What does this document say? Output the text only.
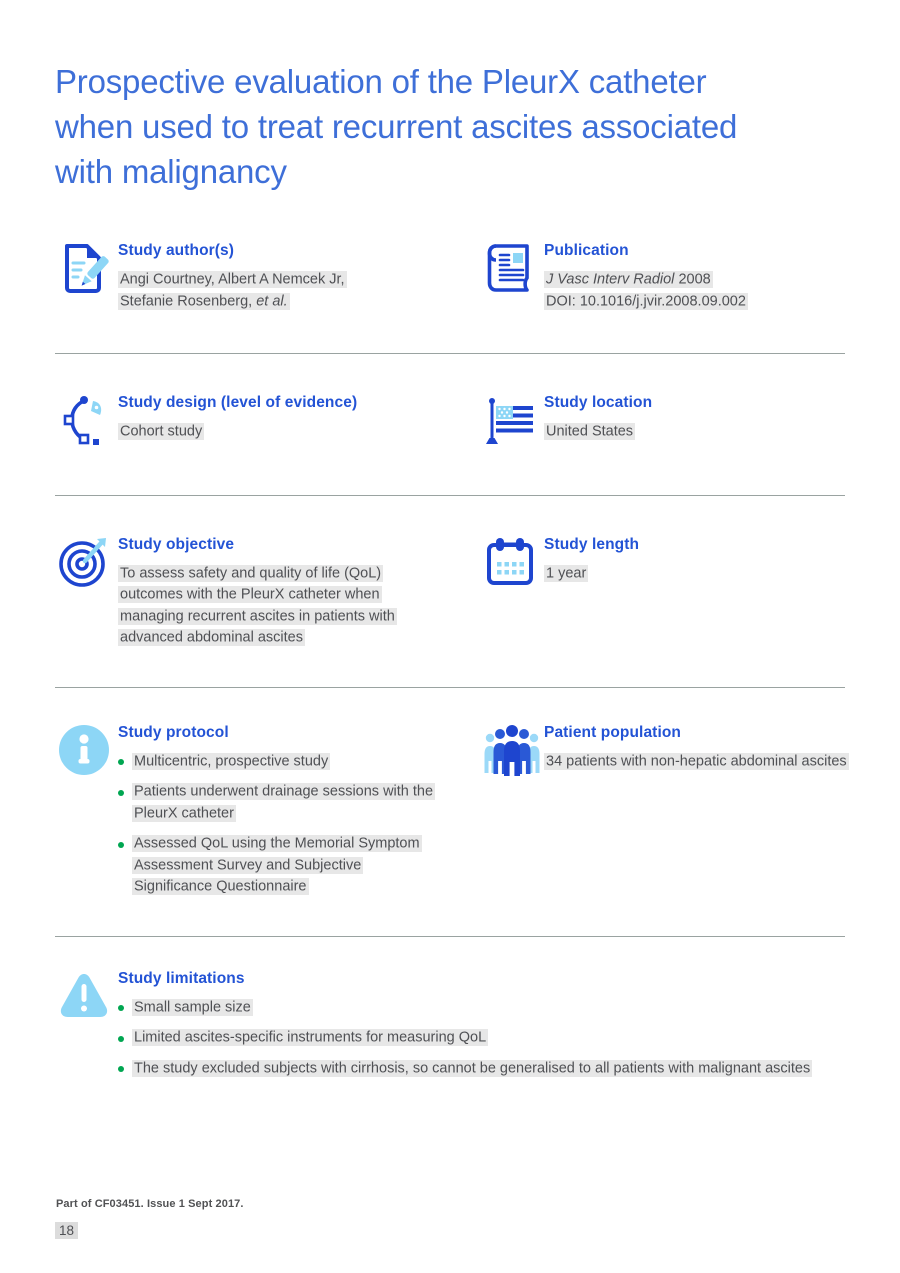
Prospective evaluation of the PleurX catheter when used to treat recurrent ascites associated with malignancy
Study author(s)
Angi Courtney, Albert A Nemcek Jr,
Stefanie Rosenberg, et al.
Publication
J Vasc Interv Radiol 2008
DOI: 10.1016/j.jvir.2008.09.002
Study design (level of evidence)
Cohort study
Study location
United States
Study objective
To assess safety and quality of life (QoL) outcomes with the PleurX catheter when managing recurrent ascites in patients with advanced abdominal ascites
Study length
1 year
Study protocol
Multicentric, prospective study
Patients underwent drainage sessions with the PleurX catheter
Assessed QoL using the Memorial Symptom Assessment Survey and Subjective Significance Questionnaire
Patient population
34 patients with non-hepatic abdominal ascites
Study limitations
Small sample size
Limited ascites-specific instruments for measuring QoL
The study excluded subjects with cirrhosis, so cannot be generalised to all patients with malignant ascites
Part of CF03451. Issue 1 Sept 2017.
18
